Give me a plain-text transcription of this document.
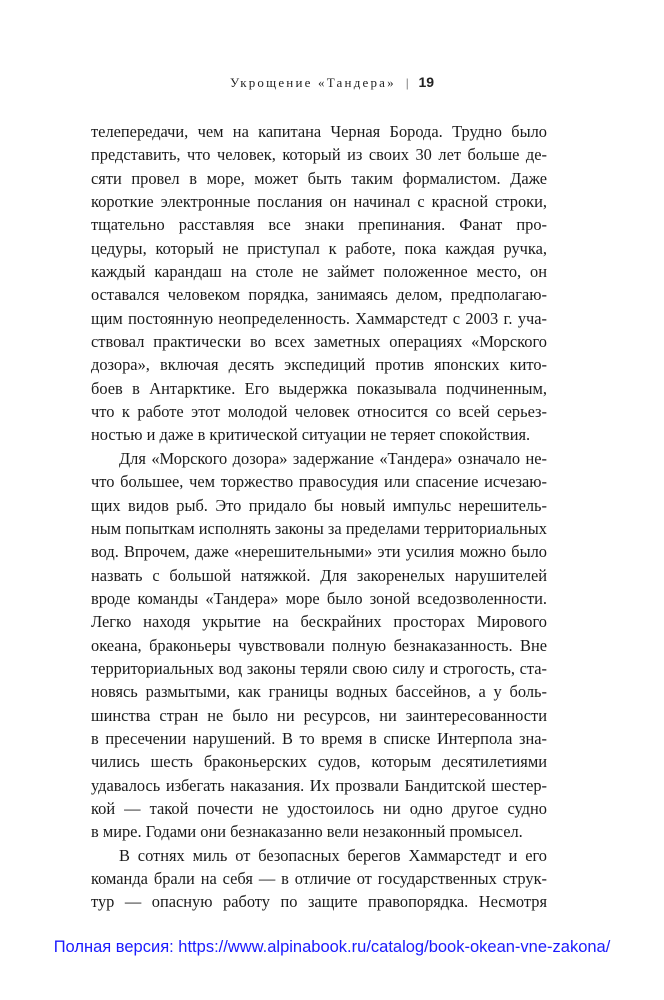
Укрощение «Тандера» | 19
телепередачи, чем на капитана Черная Борода. Трудно было
представить, что человек, который из своих 30 лет больше де-
сяти провел в море, может быть таким формалистом. Даже
короткие электронные послания он начинал с красной строки,
тщательно расставляя все знаки препинания. Фанат про-
цедуры, который не приступал к работе, пока каждая ручка,
каждый карандаш на столе не займет положенное место, он
оставался человеком порядка, занимаясь делом, предполагаю-
щим постоянную неопределенность. Хаммарстедт с 2003 г. уча-
ствовал практически во всех заметных операциях «Морского
дозора», включая десять экспедиций против японских кито-
боев в Антарктике. Его выдержка показывала подчиненным,
что к работе этот молодой человек относится со всей серьез-
ностью и даже в критической ситуации не теряет спокойствия.
Для «Морского дозора» задержание «Тандера» означало не-
что большее, чем торжество правосудия или спасение исчезаю-
щих видов рыб. Это придало бы новый импульс нерешитель-
ным попыткам исполнять законы за пределами территориальных
вод. Впрочем, даже «нерешительными» эти усилия можно было
назвать с большой натяжкой. Для закоренелых нарушителей
вроде команды «Тандера» море было зоной вседозволенности.
Легко находя укрытие на бескрайних просторах Мирового
океана, браконьеры чувствовали полную безнаказанность. Вне
территориальных вод законы теряли свою силу и строгость, ста-
новясь размытыми, как границы водных бассейнов, а у боль-
шинства стран не было ни ресурсов, ни заинтересованности
в пресечении нарушений. В то время в списке Интерпола зна-
чились шесть браконьерских судов, которым десятилетиями
удавалось избегать наказания. Их прозвали Бандитской шестер-
кой — такой почести не удостоилось ни одно другое судно
в мире. Годами они безнаказанно вели незаконный промысел.
В сотнях миль от безопасных берегов Хаммарстедт и его
команда брали на себя — в отличие от государственных струк-
тур — опасную работу по защите правопорядка. Несмотря
Полная версия: https://www.alpinabook.ru/catalog/book-okean-vne-zakona/
